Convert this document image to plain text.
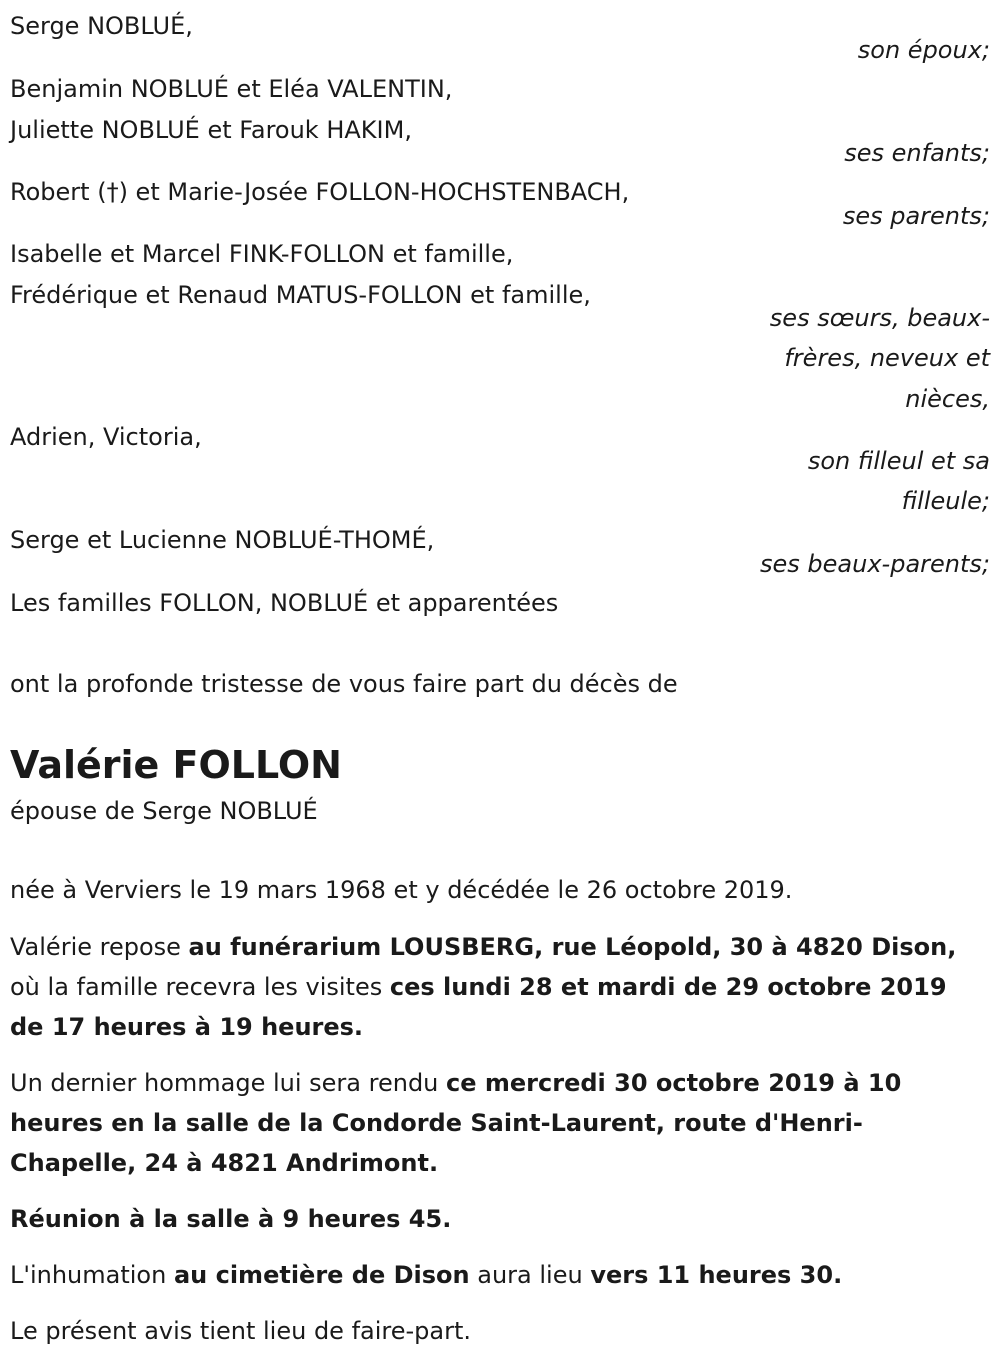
Serge NOBLUÉ,
son époux;
Benjamin NOBLUÉ et Eléa VALENTIN,
Juliette NOBLUÉ et Farouk HAKIM,
ses enfants;
Robert (†) et Marie-Josée FOLLON-HOCHSTENBACH,
ses parents;
Isabelle et Marcel FINK-FOLLON et famille,
Frédérique et Renaud MATUS-FOLLON et famille,
ses sœurs, beaux-
frères, neveux et
nièces,
Adrien, Victoria,
son filleul et sa
filleule;
Serge et Lucienne NOBLUÉ-THOMÉ,
ses beaux-parents;
Les familles FOLLON, NOBLUÉ et apparentées
ont la profonde tristesse de vous faire part du décès de
Valérie FOLLON
épouse de Serge NOBLUÉ
née à Verviers le 19 mars 1968 et y décédée le 26 octobre 2019.
Valérie repose au funérarium LOUSBERG, rue Léopold, 30 à 4820 Dison,
où la famille recevra les visites ces lundi 28 et mardi de 29 octobre 2019
de 17 heures à 19 heures.
Un dernier hommage lui sera rendu ce mercredi 30 octobre 2019 à 10
heures en la salle de la Condorde Saint-Laurent, route d'Henri-
Chapelle, 24 à 4821 Andrimont.
Réunion à la salle à 9 heures 45.
L'inhumation au cimetière de Dison aura lieu vers 11 heures 30.
Le présent avis tient lieu de faire-part.
